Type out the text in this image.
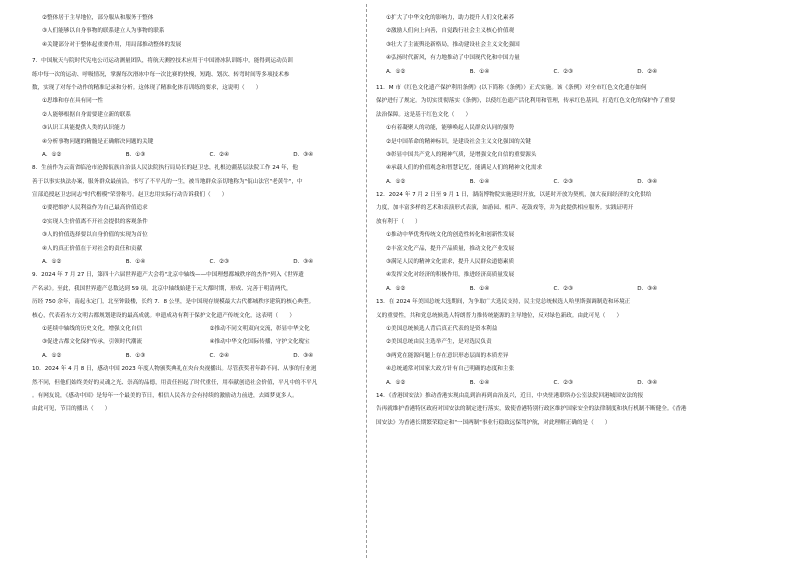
②整体居于主导地位，部分服从和服务于整体
③人们能够以自身事物的联系建立人为事物的联系
④关键部分对于整体起重要作用，用局部推动整体的发展
7．中国航天与院时代宪电公司运动测量团队，将航天测控技术应用于中国滑冰队训练中，能得到运动员训
练中每一次的运动、呼吸情况，掌握每次滑冰中每一次比赛的快慢，短跑、划次、转弯时间等多项技术参
数，实现了对每个动作的精准记录和分析。这体现了精准化体育训练的要求，这说明（　　）
①思维和存在具有同一性
②人能够根据自身需要建立新的联系
③认识工具能提供人类的认识能力
④分析事物问题的精髓是正确解决问题的关键
A．①②	B．①③	C．②④	D．③④
8．生前作为云南省临沧市沧源佤族自治县人民法院执行局局长的赵卫忠，扎根边疆基层法院工作 24 年，他
善于以事实执法办案，服务群众最前沿，书写了不平凡的一生，被当地群众亲切地称为"佤山法官"老黄牛"，中
宣部追授赵卫忠同志"时代楷模"荣誉称号。赵卫忠用实际行动告诉我们（　　）
①要把维护人民利益作为自己最高价值追求
②实现人生价值离不开社会提供的客观条件
③人的价值选择要以自身价值的实现为首位
④人的真正价值在于对社会的责任和贡献
A．①②	B．①④	C．②③	D．③④
9．2024 年 7 月 27 日，第四十六届世界遗产大会将"北京中轴线——中国理想都城秩序的杰作"列入《世界遗
产名录》。至此，我国世界遗产总数达到 59 项。北京中轴线始建于元大都时期，形成、完善于明清两代，
历经 750 余年，南起永定门，北至钟鼓楼，长约 7．8 公里，是中国现存规模最大古代都城秩序建筑的核心典型。
核心，代表着东方文明古都规划建设的最高成就。申遗成功有利于保护文化遗产传统文化，这表明（　　）
①延续中轴线的历史文化，增强文化自信	②推动不同文明双向交流，彰显中华文化
③促进古都文化保护传承，引领时代潮流	④推动中华文化国际传播，守护文化瑰宝
A．①②	B．①③	C．②④	D．③④
10．2024 年 4 月 8 日，感动中国 2023 年度人物颁奖典礼在央台央视播出。尽管获奖者年龄不同、从事的行业迥
然不同，但他们始终美好的灵魂之光、崇高的品德，用责任担起了时代重任，用奉献创造社会价值，平凡中的不平凡
。有网友说，《感动中国》是每年一个最美的节日，相信人民各方会有持续的激励动力前进，去圆梦更多人。
由此可见，节目的播出（　　）
①扩大了中华文化的影响力，助力提升人们文化素养
②激励人们向上向善，自觉践行社会主义核心价值观
③壮大了主流舆论新格局，推动建设社会主义文化强国
④弘扬时代新风，有力地推动了中国现代化和中国力量
A．①②	B．①④	C．②③	D．②④
11．M 市《红色文化遗产保护利用条例》(以下简称《条例》）正式实施。该《条例》对全市红色文化遗存如何
保护进行了规定。为切实贯彻落实《条例》，以使红色遗产活化利用和管理，传承红色基因，打造红色文化的保护作了重要
法治保障。这是基于红色文化（　　）
①有着凝聚人的功能，能够唤起人民群众认同的强势
②是中国革命的精神标识，是建设社会主义文化强国的关键
③彰显中国共产党人的精神气质，是增强文化自信的重要源头
④承载人们的价值观念和智慧记忆，能满足人们的精神文化需求
A．①②	B．①④	C．②③	D．③④
12．2024 年 7 月 2 日至 9 月 1 日，湖南博物院实施延时开放，以延时开放为契机，加大夜间经济的文化供给
力度，加丰富多样的艺术和表演形式表演，如游园、相声、花鼓戏等，并为此提供相应服务。实践证明开
放有利于（　　）
①推动中华优秀传统文化的创造性转化和创新性发展
②丰富文化产品，提升产品质量，推动文化产业发展
③满足人民的精神文化需求，提升人民群众道德素质
④发挥文化对经济的积极作用，推进经济高质量发展
A．①②	B．①④	C．②③	D．③④
13．在 2024 年美国总统大选期间，为争取广大选民支持，民主党总统候选人哈里斯强调制造和环境正
义的重要性，共和党总统候选人特朗普力推传统能源的主导地位，反对绿色新政。由此可见（　　）
①美国总统候选人背后真正代表的是资本利益
②美国总统由民主选举产生，是对选民负责
③两党在能源问题上存在意识形态层面的本质差异
④总统通常对国家大政方针有自己明确的态度和主张
A．①②	B．①④	C．②③	D．③④
14．《香港国安法》推动香港实现由乱到治再到由治及兴，近日，中央驻港联络办公室法院回港城国安法的报
告再就维护香港特区政府对国安法的制定进行落实，致使香港特别行政区维护国家安全的法律制度和执行机制不断健全。《香港
国安法》为香港长期繁荣稳定和"一国两制"事业行稳致远保驾护航，对此理解正确的是（　　）
